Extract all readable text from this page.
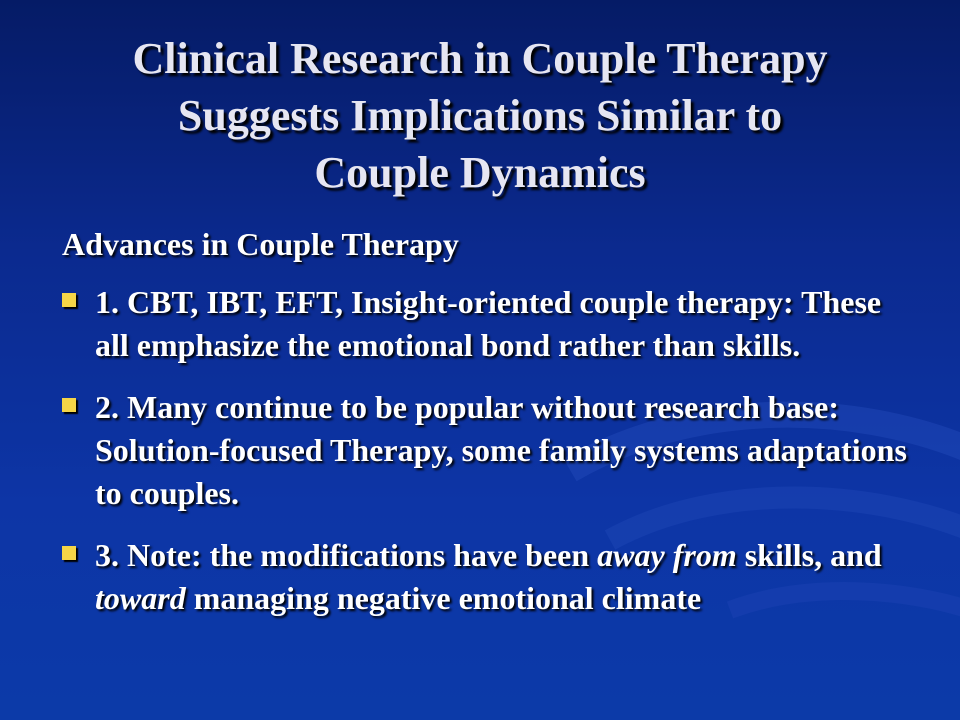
Clinical Research in Couple Therapy
Suggests Implications Similar to
Couple Dynamics
Advances in Couple Therapy
1. CBT, IBT, EFT, Insight-oriented couple therapy: These all emphasize the emotional bond rather than skills.
2. Many continue to be popular without research base: Solution-focused Therapy, some family systems adaptations to couples.
3. Note: the modifications have been away from skills, and toward managing negative emotional climate
